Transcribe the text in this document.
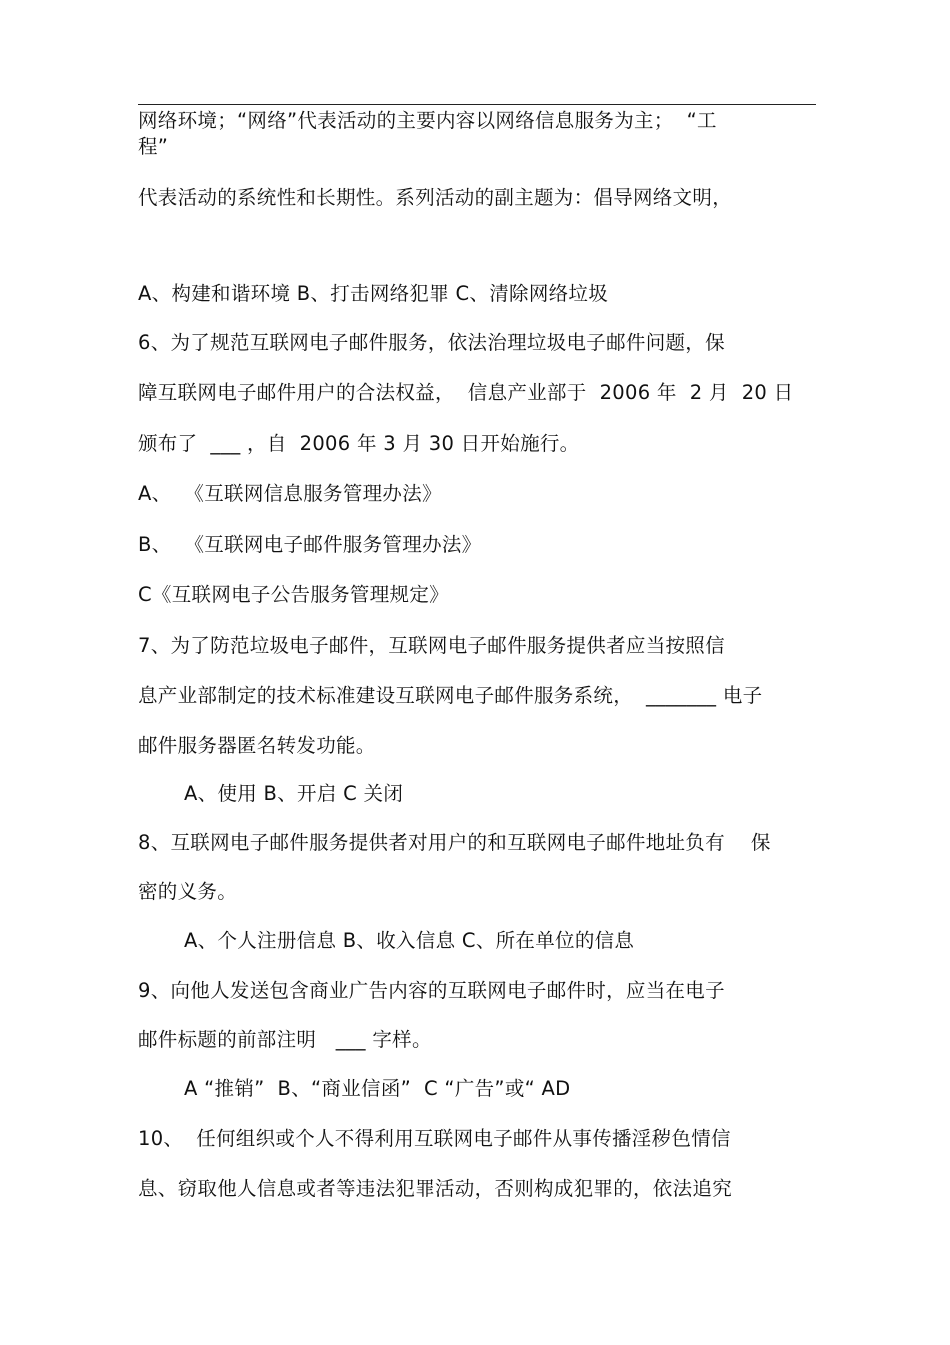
网络环境；“网络”代表活动的主要内容以网络信息服务为主；  “工
程”
代表活动的系统性和长期性。系列活动的副主题为：倡导网络文明，
A、构建和谐环境 B、打击网络犯罪 C、清除网络垃圾
6、为了规范互联网电子邮件服务，依法治理垃圾电子邮件问题，保
障互联网电子邮件用户的合法权益，  信息产业部于  2006 年  2 月  20 日
颁布了  ___ ，自  2006 年 3 月 30 日开始施行。
A、  《互联网信息服务管理办法》
B、  《互联网电子邮件服务管理办法》
C《互联网电子公告服务管理规定》
7、为了防范垃圾电子邮件，互联网电子邮件服务提供者应当按照信
息产业部制定的技术标准建设互联网电子邮件服务系统，  _______ 电子
邮件服务器匿名转发功能。
A、使用 B、开启 C 关闭
8、互联网电子邮件服务提供者对用户的和互联网电子邮件地址负有    保
密的义务。
A、个人注册信息 B、收入信息 C、所在单位的信息
9、向他人发送包含商业广告内容的互联网电子邮件时，应当在电子
邮件标题的前部注明   ___ 字样。
A “推销”  B、“商业信函”  C “广告”或“ AD
10、  任何组织或个人不得利用互联网电子邮件从事传播淫秽色情信
息、窃取他人信息或者等违法犯罪活动，否则构成犯罪的，依法追究
